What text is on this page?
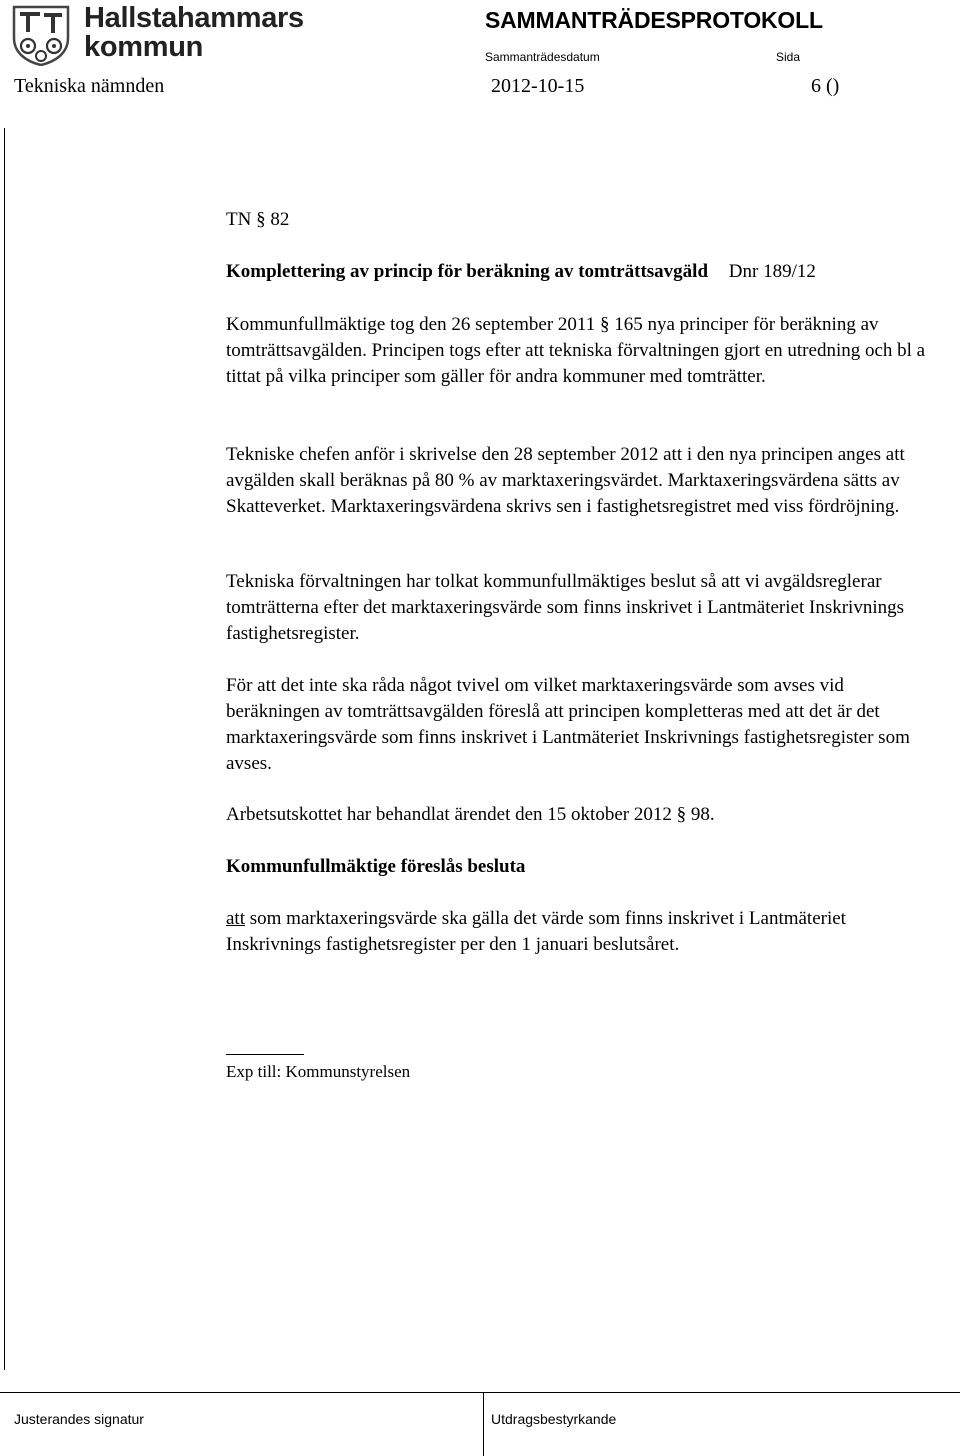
Hallstahammars
kommun
SAMMANTRÄDESPROTOKOLL
Sammanträdesdatum	Sida
Tekniska nämnden	2012-10-15	6 ()

TN § 82

Komplettering av princip för beräkning av tomträttsavgäld Dnr 189/12

Kommunfullmäktige tog den 26 september 2011 § 165 nya principer för beräkning av tomträttsavgälden. Principen togs efter att tekniska förvaltningen gjort en utredning och bl a tittat på vilka principer som gäller för andra kommuner med tomträtter.

Tekniske chefen anför i skrivelse den 28 september 2012 att i den nya principen anges att avgälden skall beräknas på 80 % av marktaxeringsvärdet. Marktaxeringsvärdena sätts av Skatteverket. Marktaxeringsvärdena skrivs sen i fastighetsregistret med viss fördröjning.

Tekniska förvaltningen har tolkat kommunfullmäktiges beslut så att vi avgäldsreglerar tomträtterna efter det marktaxeringsvärde som finns inskrivet i Lantmäteriet Inskrivnings fastighetsregister.

För att det inte ska råda något tvivel om vilket marktaxeringsvärde som avses vid beräkningen av tomträttsavgälden föreslå att principen kompletteras med att det är det marktaxeringsvärde som finns inskrivet i Lantmäteriet Inskrivnings fastighetsregister som avses.

Arbetsutskottet har behandlat ärendet den 15 oktober 2012 § 98.

Kommunfullmäktige föreslås besluta

att som marktaxeringsvärde ska gälla det värde som finns inskrivet i Lantmäteriet Inskrivnings fastighetsregister per den 1 januari beslutsåret.

Exp till: Kommunstyrelsen

Justerandes signatur	Utdragsbestyrkande
